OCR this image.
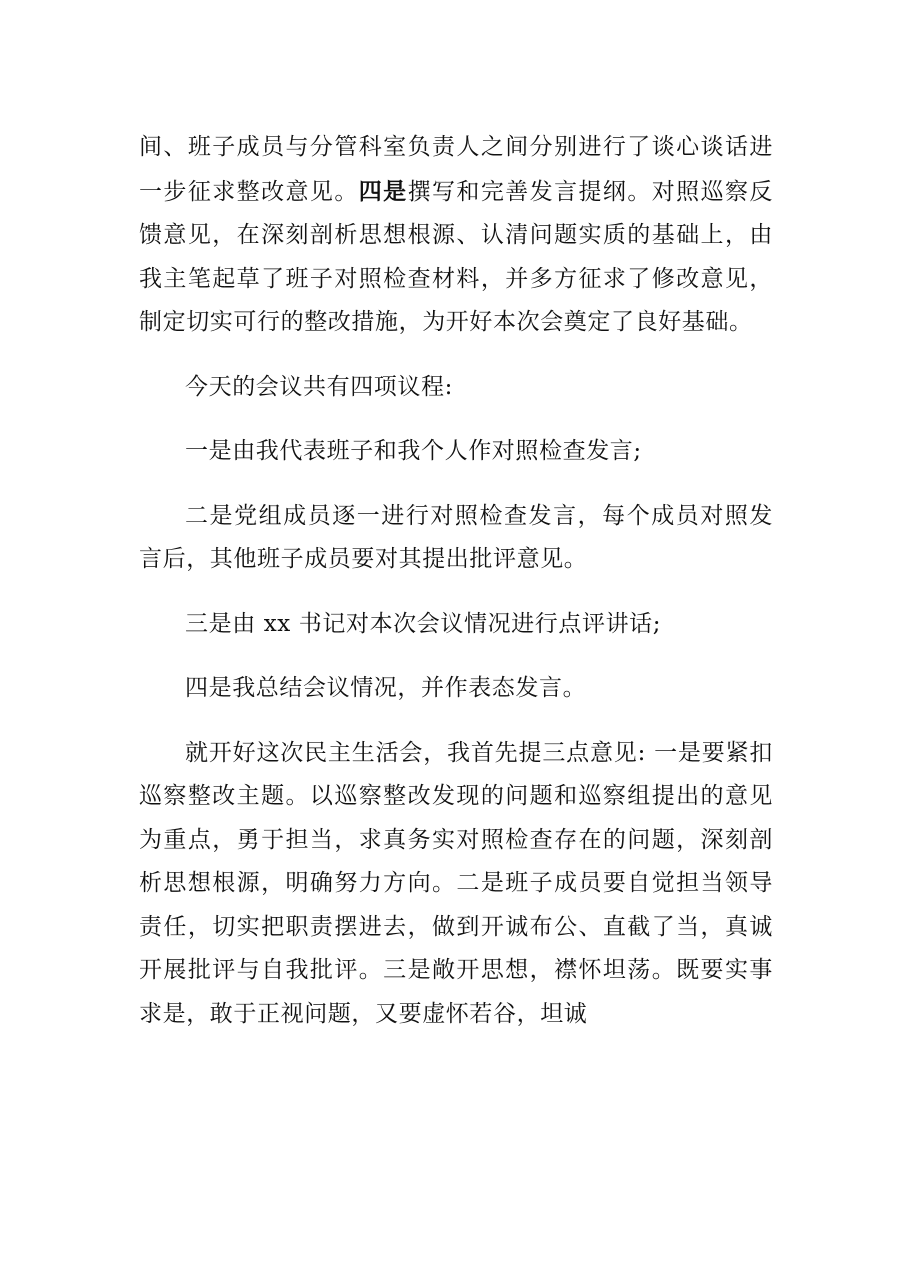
间、班子成员与分管科室负责人之间分别进行了谈心谈话进一步征求整改意见。四是撰写和完善发言提纲。对照巡察反馈意见，在深刻剖析思想根源、认清问题实质的基础上，由我主笔起草了班子对照检查材料，并多方征求了修改意见，制定切实可行的整改措施，为开好本次会奠定了良好基础。

今天的会议共有四项议程:

一是由我代表班子和我个人作对照检查发言;

二是党组成员逐一进行对照检查发言，每个成员对照发言后，其他班子成员要对其提出批评意见。

三是由 xx 书记对本次会议情况进行点评讲话;

四是我总结会议情况，并作表态发言。

就开好这次民主生活会，我首先提三点意见: 一是要紧扣巡察整改主题。以巡察整改发现的问题和巡察组提出的意见为重点，勇于担当，求真务实对照检查存在的问题，深刻剖析思想根源，明确努力方向。二是班子成员要自觉担当领导责任，切实把职责摆进去，做到开诚布公、直截了当，真诚开展批评与自我批评。三是敞开思想，襟怀坦荡。既要实事求是，敢于正视问题，又要虚怀若谷，坦诚
